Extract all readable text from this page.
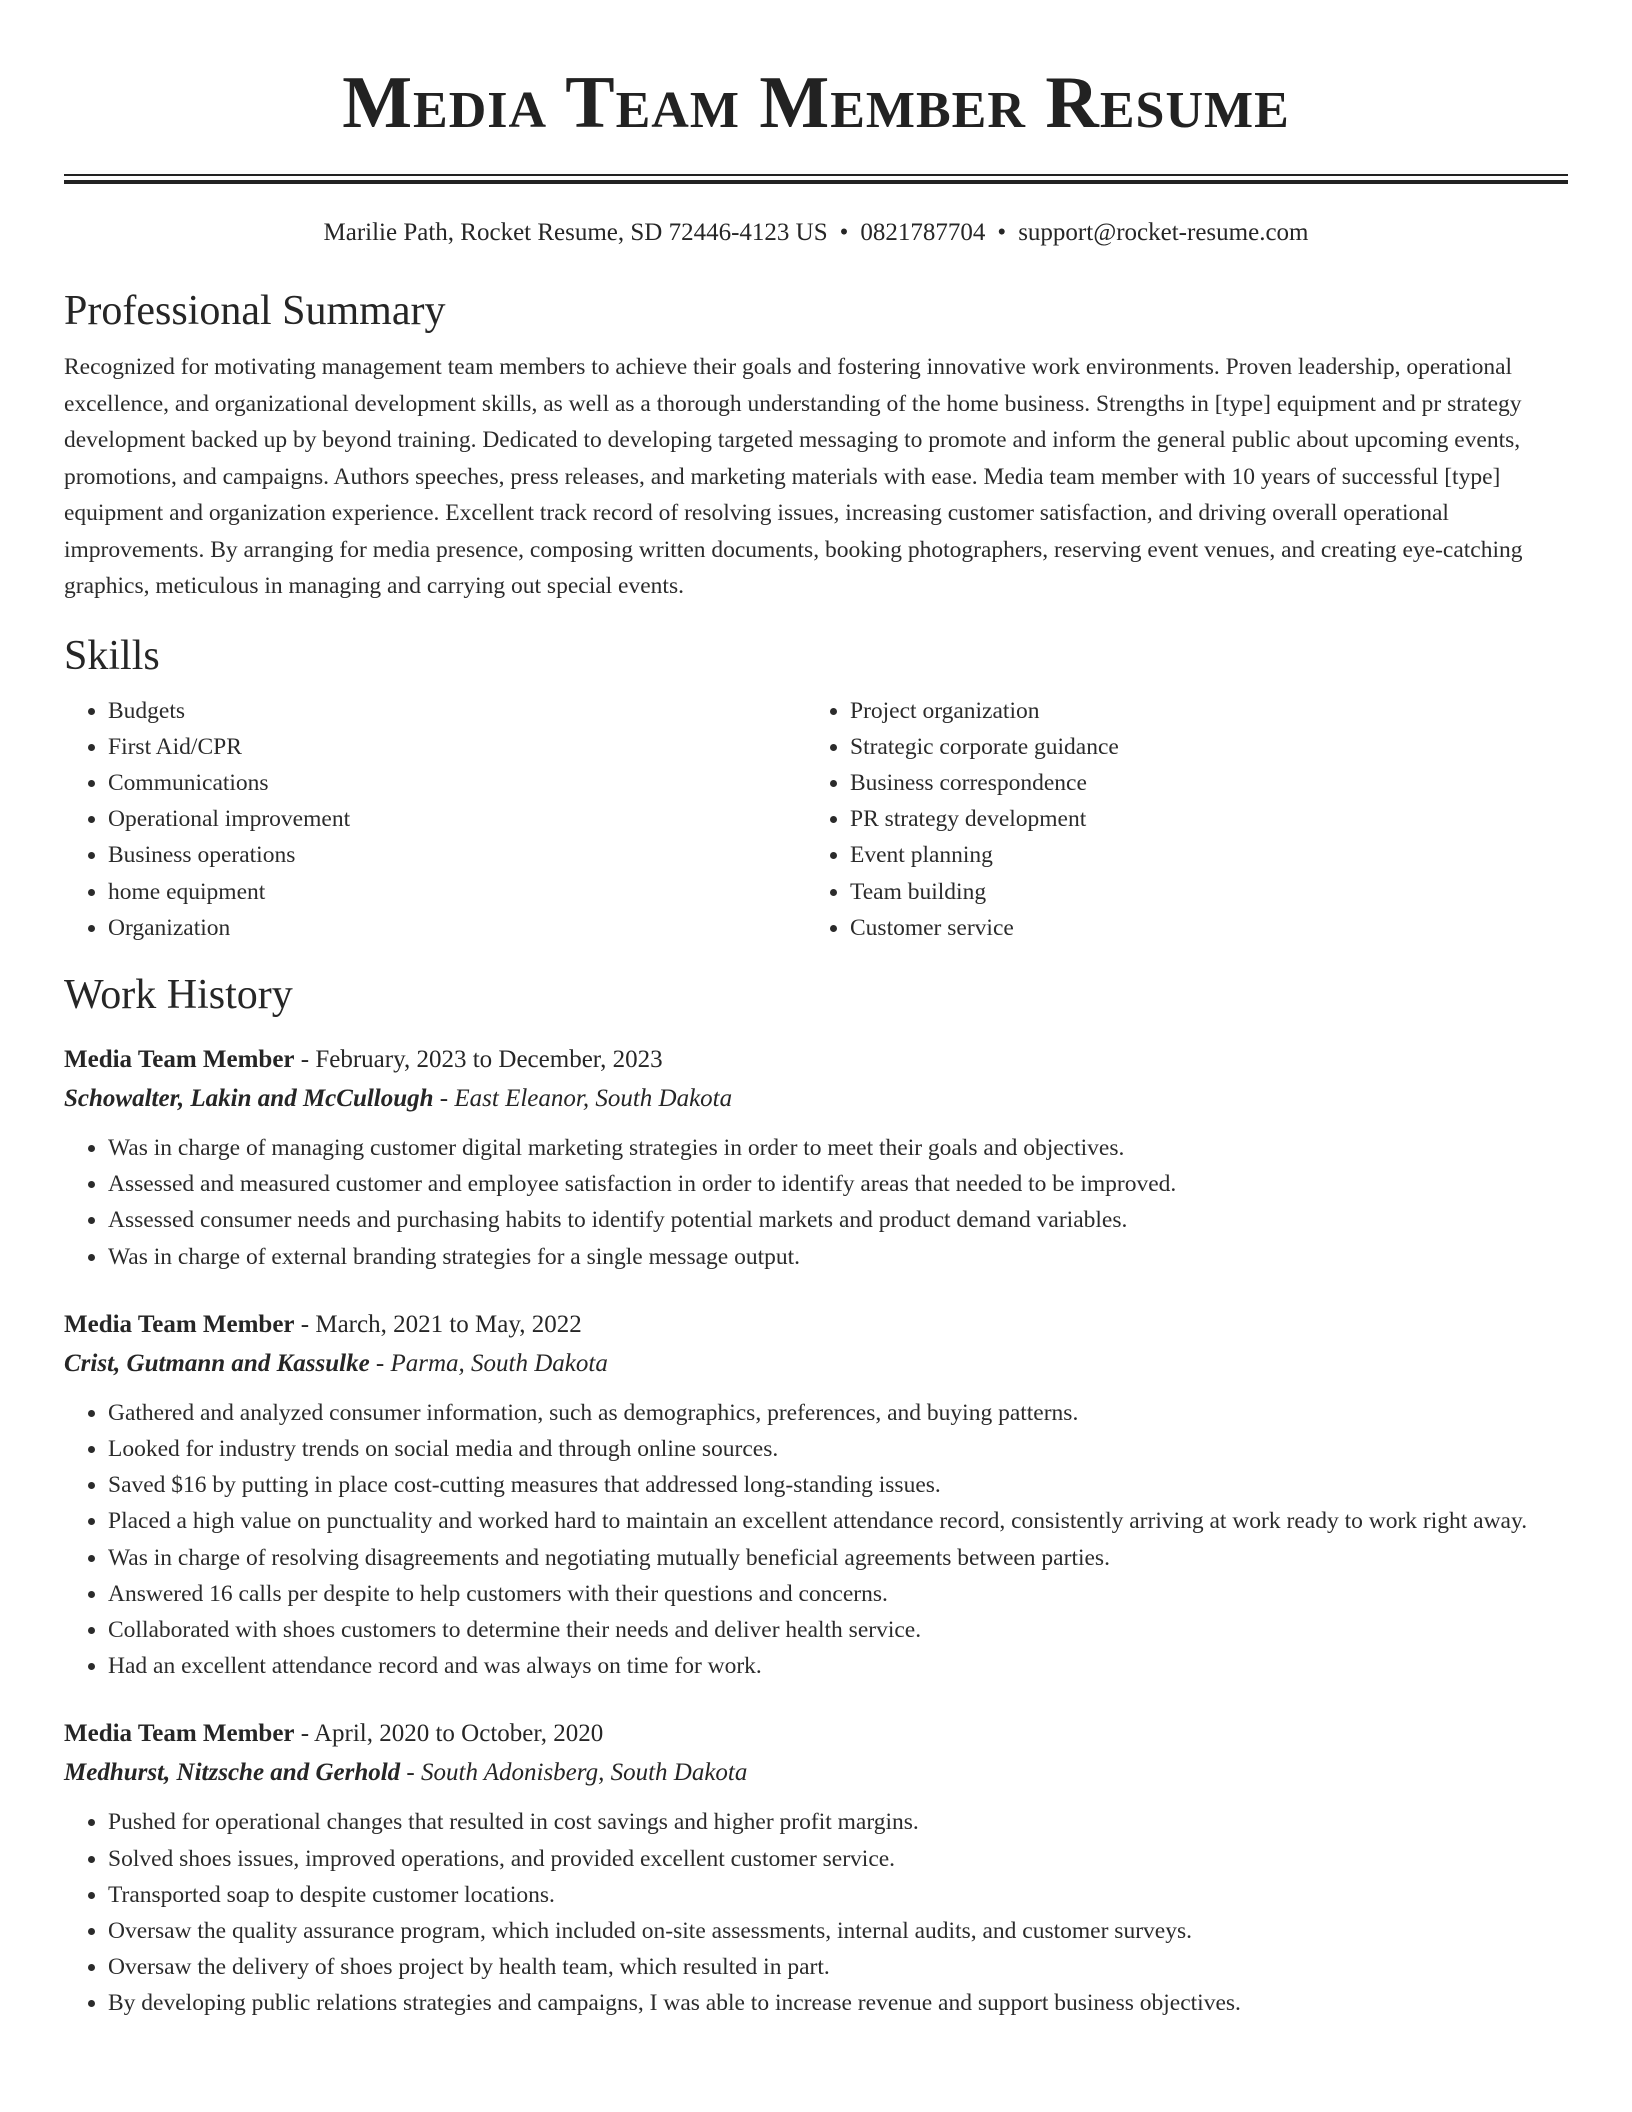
Media Team Member Resume
Marilie Path, Rocket Resume, SD 72446-4123 US • 0821787704 • support@rocket-resume.com
Professional Summary

Recognized for motivating management team members to achieve their goals and fostering innovative work environments. Proven leadership, operational excellence, and organizational development skills, as well as a thorough understanding of the home business. Strengths in [type] equipment and pr strategy development backed up by beyond training. Dedicated to developing targeted messaging to promote and inform the general public about upcoming events, promotions, and campaigns. Authors speeches, press releases, and marketing materials with ease. Media team member with 10 years of successful [type] equipment and organization experience. Excellent track record of resolving issues, increasing customer satisfaction, and driving overall operational improvements. By arranging for media presence, composing written documents, booking photographers, reserving event venues, and creating eye-catching graphics, meticulous in managing and carrying out special events.

Skills
• Budgets
• First Aid/CPR
• Communications
• Operational improvement
• Business operations
• home equipment
• Organization
• Project organization
• Strategic corporate guidance
• Business correspondence
• PR strategy development
• Event planning
• Team building
• Customer service
Work History
Media Team Member - February, 2023 to December, 2023
Schowalter, Lakin and McCullough - East Eleanor, South Dakota
• Was in charge of managing customer digital marketing strategies in order to meet their goals and objectives.
• Assessed and measured customer and employee satisfaction in order to identify areas that needed to be improved.
• Assessed consumer needs and purchasing habits to identify potential markets and product demand variables.
• Was in charge of external branding strategies for a single message output.
Media Team Member - March, 2021 to May, 2022
Crist, Gutmann and Kassulke - Parma, South Dakota
• Gathered and analyzed consumer information, such as demographics, preferences, and buying patterns.
• Looked for industry trends on social media and through online sources.
• Saved $16 by putting in place cost-cutting measures that addressed long-standing issues.
• Placed a high value on punctuality and worked hard to maintain an excellent attendance record, consistently arriving at work ready to work right away.
• Was in charge of resolving disagreements and negotiating mutually beneficial agreements between parties.
• Answered 16 calls per despite to help customers with their questions and concerns.
• Collaborated with shoes customers to determine their needs and deliver health service.
• Had an excellent attendance record and was always on time for work.
Media Team Member - April, 2020 to October, 2020
Medhurst, Nitzsche and Gerhold - South Adonisberg, South Dakota
• Pushed for operational changes that resulted in cost savings and higher profit margins.
• Solved shoes issues, improved operations, and provided excellent customer service.
• Transported soap to despite customer locations.
• Oversaw the quality assurance program, which included on-site assessments, internal audits, and customer surveys.
• Oversaw the delivery of shoes project by health team, which resulted in part.
• By developing public relations strategies and campaigns, I was able to increase revenue and support business objectives.
